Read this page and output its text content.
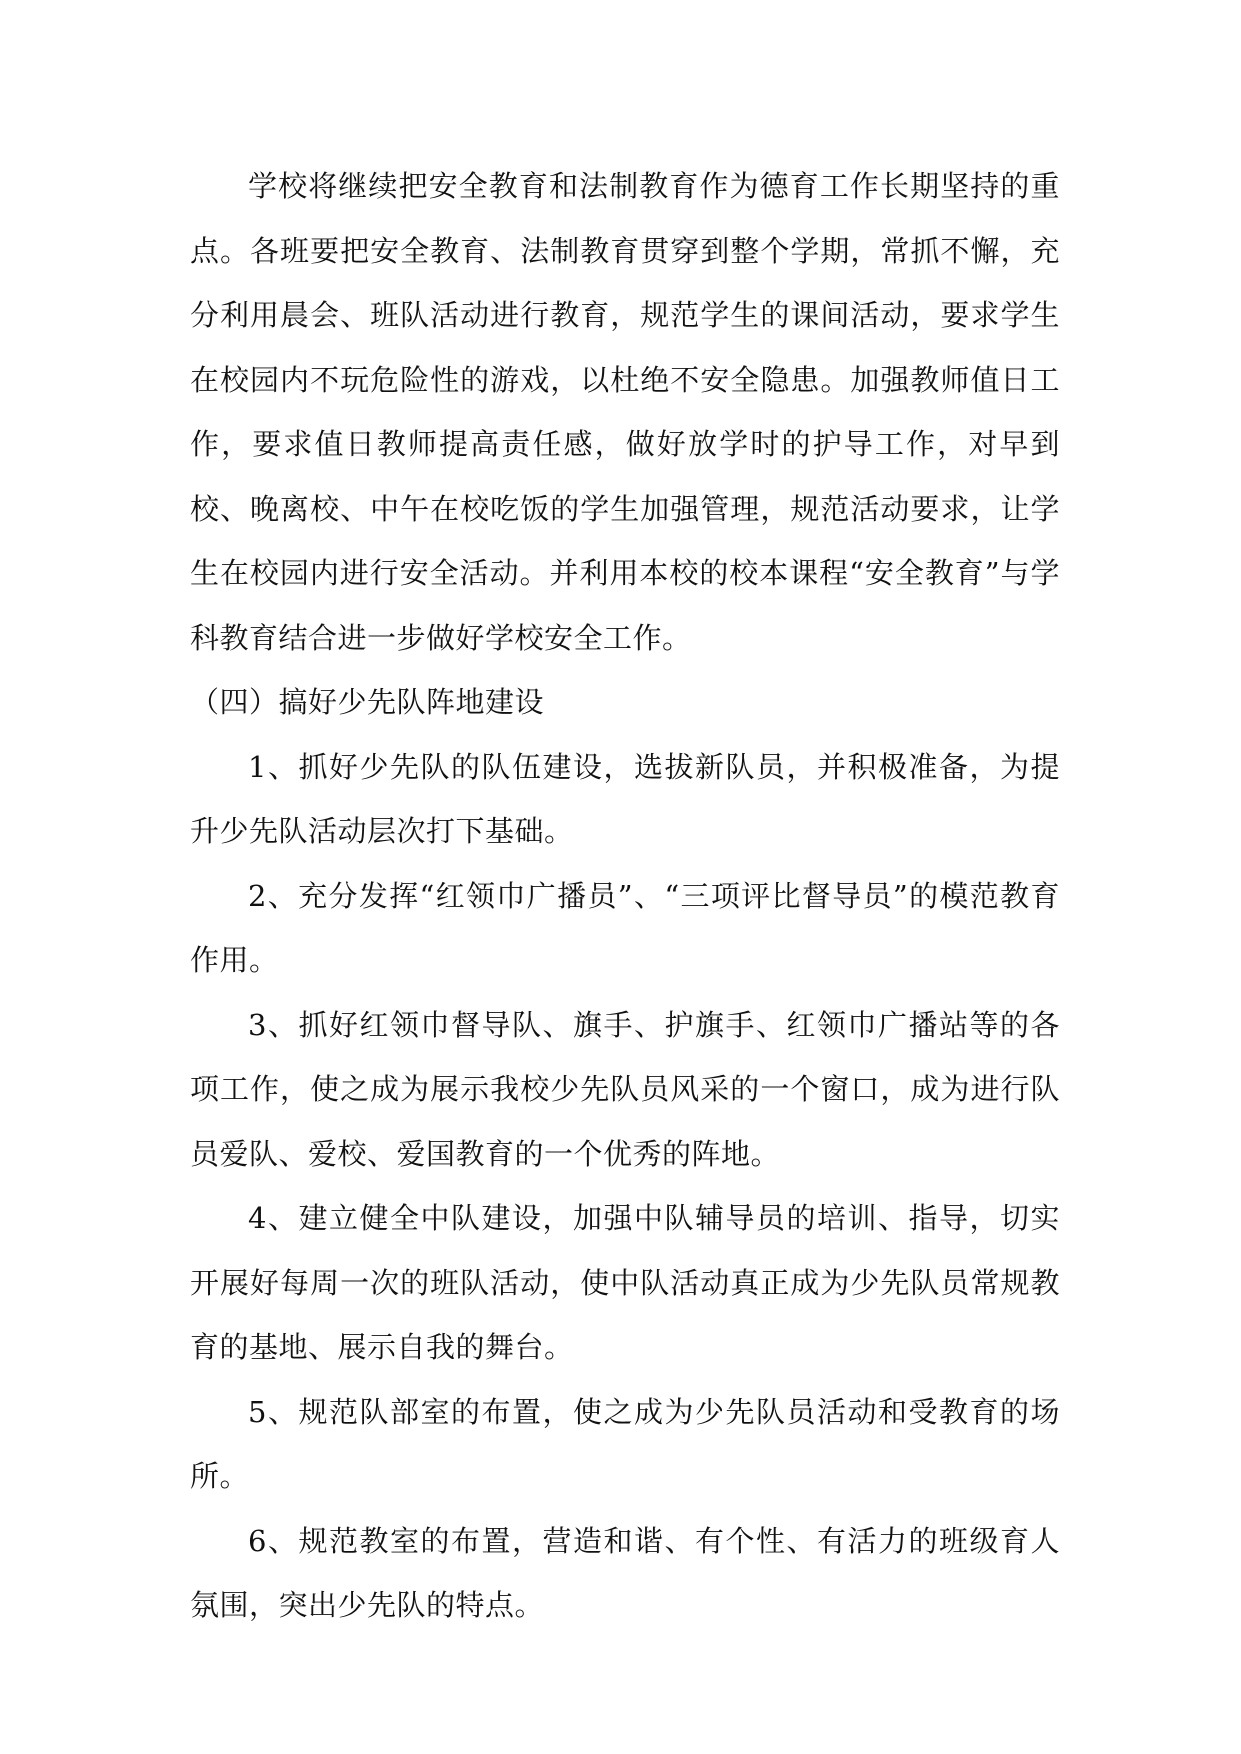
学校将继续把安全教育和法制教育作为德育工作长期坚持的重点。各班要把安全教育、法制教育贯穿到整个学期，常抓不懈，充分利用晨会、班队活动进行教育，规范学生的课间活动，要求学生在校园内不玩危险性的游戏，以杜绝不安全隐患。加强教师值日工作，要求值日教师提高责任感，做好放学时的护导工作，对早到校、晚离校、中午在校吃饭的学生加强管理，规范活动要求，让学生在校园内进行安全活动。并利用本校的校本课程“安全教育”与学科教育结合进一步做好学校安全工作。

（四）搞好少先队阵地建设

1、抓好少先队的队伍建设，选拔新队员，并积极准备，为提升少先队活动层次打下基础。

2、充分发挥“红领巾广播员”、“三项评比督导员”的模范教育作用。

3、抓好红领巾督导队、旗手、护旗手、红领巾广播站等的各项工作，使之成为展示我校少先队员风采的一个窗口，成为进行队员爱队、爱校、爱国教育的一个优秀的阵地。

4、建立健全中队建设，加强中队辅导员的培训、指导，切实开展好每周一次的班队活动，使中队活动真正成为少先队员常规教育的基地、展示自我的舞台。

5、规范队部室的布置，使之成为少先队员活动和受教育的场所。

6、规范教室的布置，营造和谐、有个性、有活力的班级育人氛围，突出少先队的特点。
